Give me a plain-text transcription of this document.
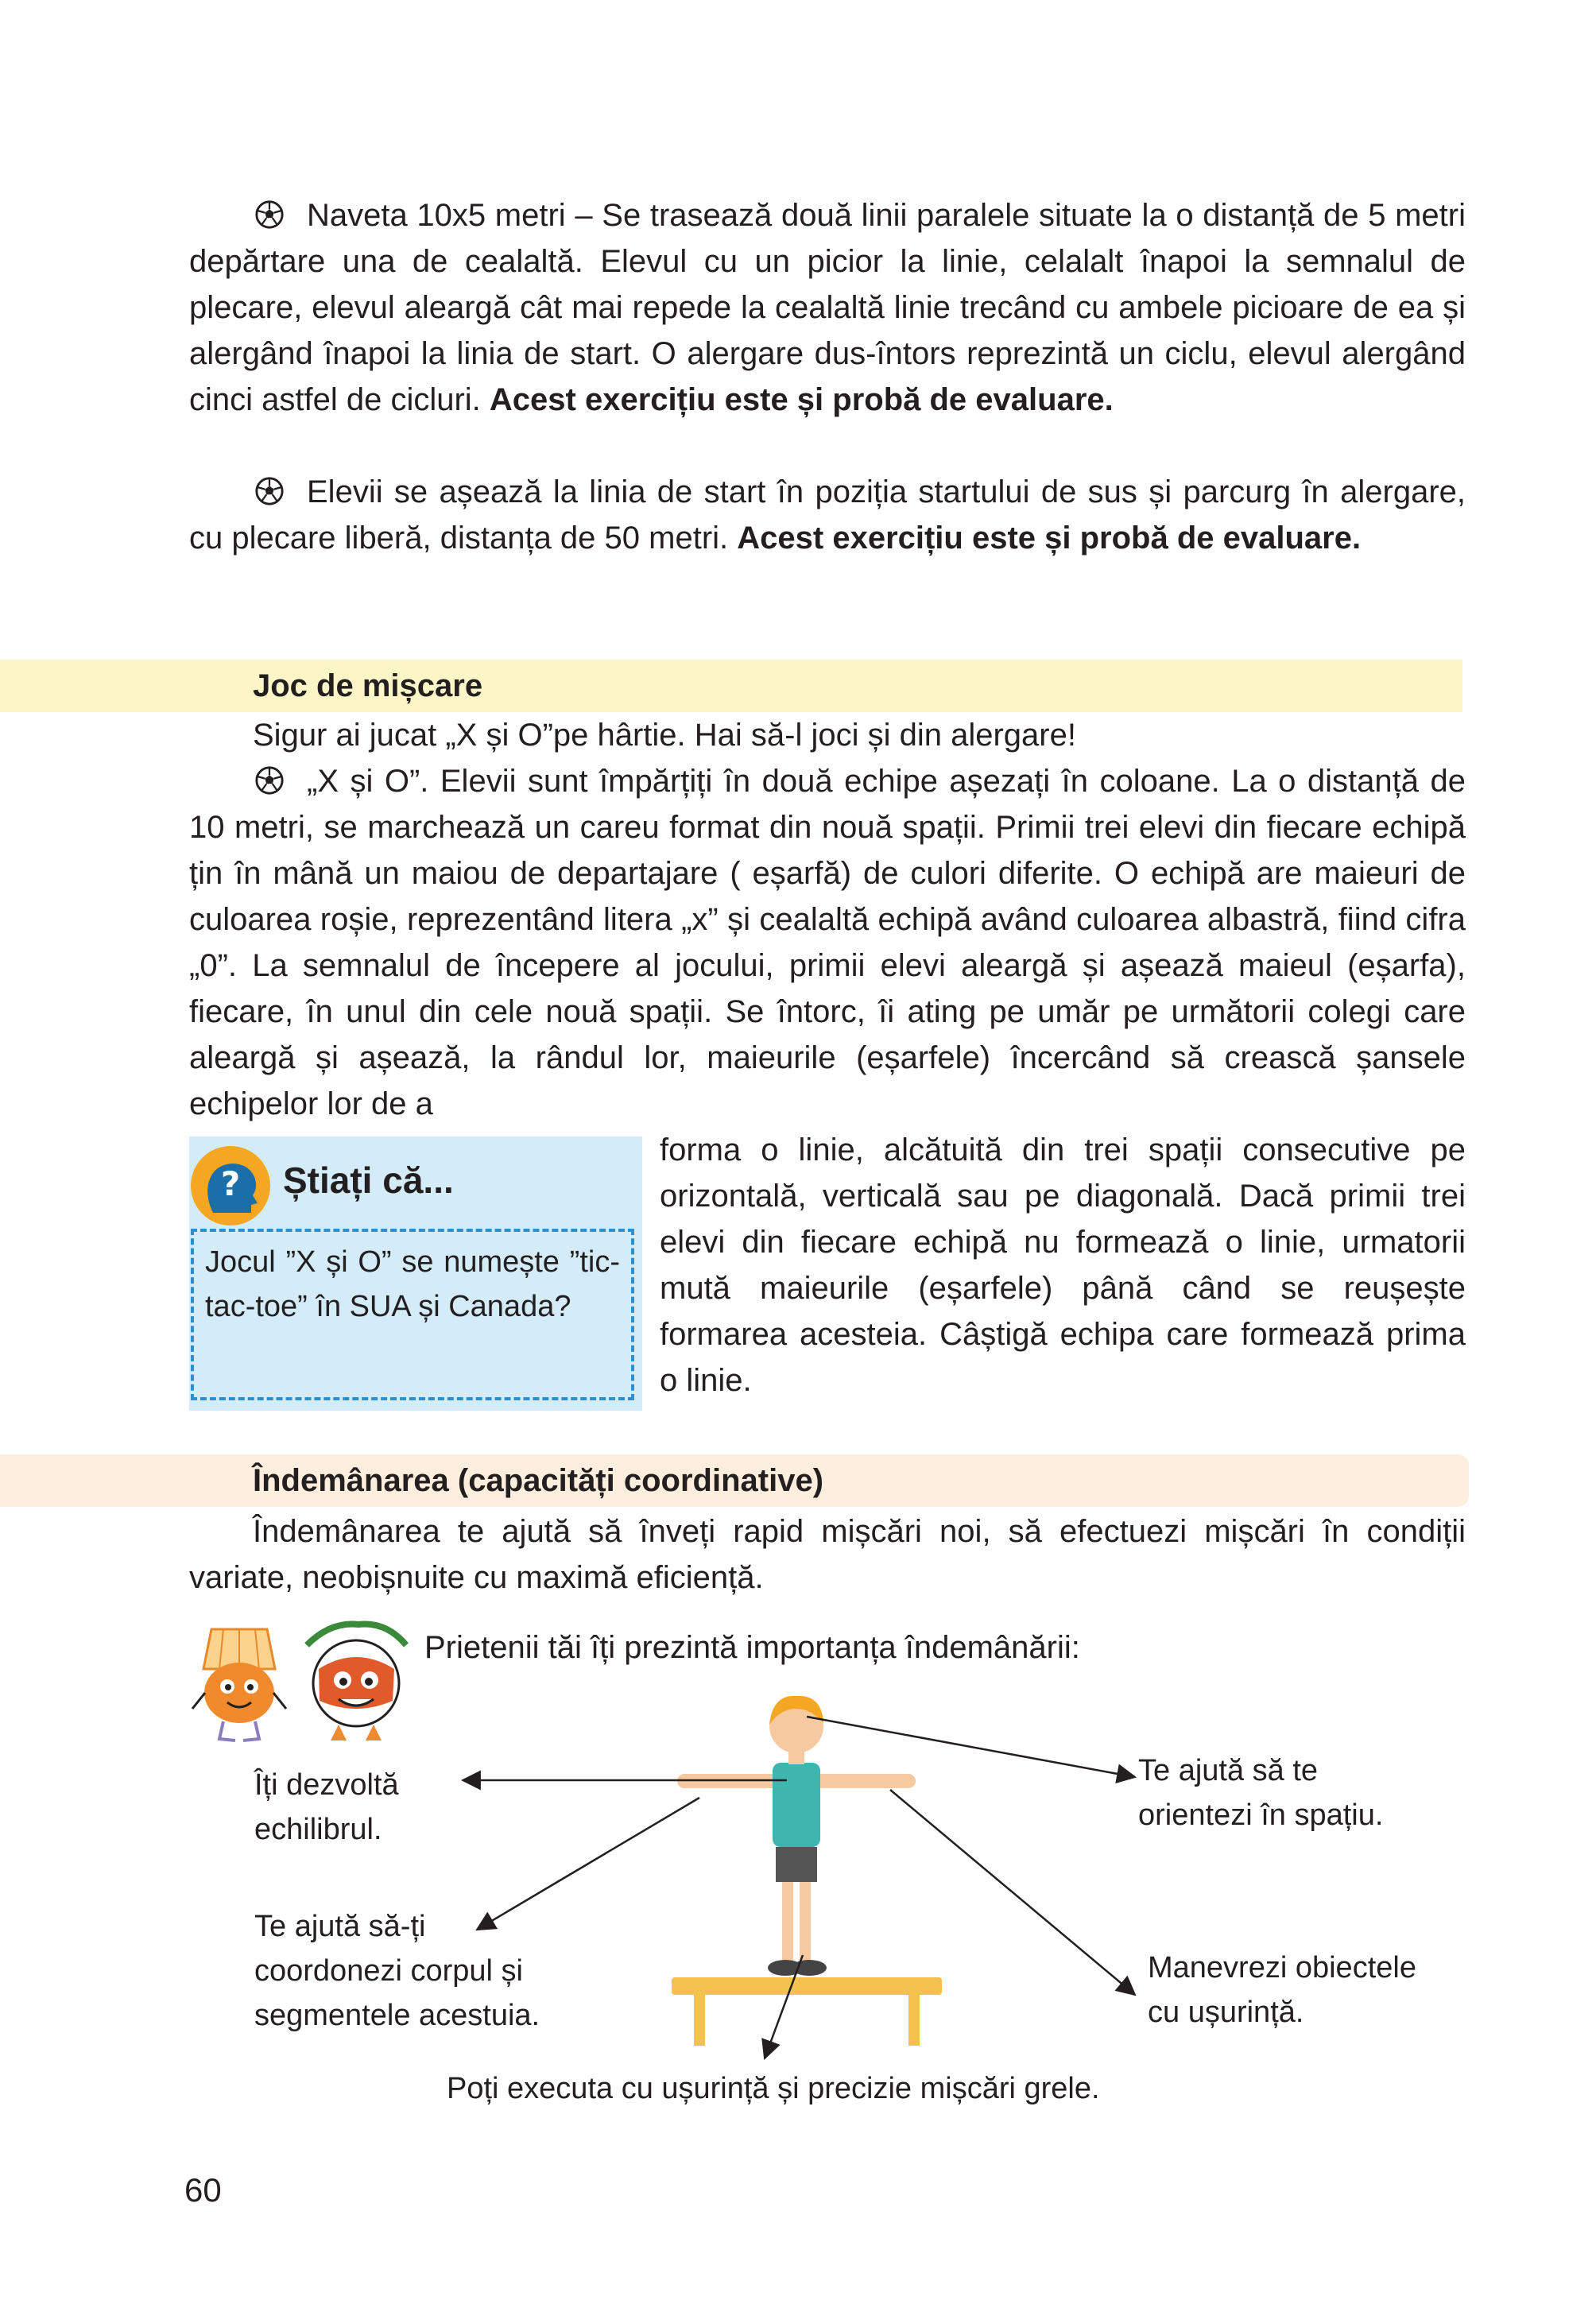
Naveta 10x5 metri – Se trasează două linii paralele situate la o distanță de 5 metri depărtare una de cealaltă. Elevul cu un picior la linie, celalalt înapoi la semnalul de plecare, elevul aleargă cât mai repede la cealaltă linie trecând cu ambele picioare de ea și alergând înapoi la linia de start. O alergare dus-întors reprezintă un ciclu, elevul alergând cinci astfel de cicluri. Acest exercițiu este și probă de evaluare.

Elevii se așează la linia de start în poziția startului de sus și parcurg în alergare, cu plecare liberă, distanța de 50 metri. Acest exercițiu este și probă de evaluare.

Joc de mișcare

Sigur ai jucat „X și O”pe hârtie. Hai să-l joci și din alergare!

„X și O”. Elevii sunt împărțiți în două echipe așezați în coloane. La o distanță de 10 metri, se marchează un careu format din nouă spații. Primii trei elevi din fiecare echipă țin în mână un maiou de departajare ( eșarfă) de culori diferite. O echipă are maieuri de culoarea roșie, reprezentând litera „x” și cealaltă echipă având culoarea albastră, fiind cifra „0”. La semnalul de începere al jocului, primii elevi aleargă și așează maieul (eșarfa), fiecare, în unul din cele nouă spații. Se întorc, îi ating pe umăr pe următorii colegi care aleargă și așează, la rândul lor, maieurile (eșarfele) încercând să crească șansele echipelor lor de a

forma o linie, alcătuită din trei spații consecutive pe orizontală, verticală sau pe diagonală. Dacă primii trei elevi din fiecare echipă nu formează o linie, urmatorii mută maieurile (eșarfele) până când se reușește formarea acesteia. Câștigă echipa care formează prima o linie.

? Știați că...
Jocul ”X și O” se numește ”tic-tac-toe” în SUA și Canada?

Îndemânarea (capacități coordinative)

Îndemânarea te ajută să înveți rapid mișcări noi, să efectuezi mișcări în condiții variate, neobișnuite cu maximă eficiență.

Prietenii tăi îți prezintă importanța îndemânării:

Îți dezvoltă echilibrul.

Te ajută să te orientezi în spațiu.

Te ajută să-ți coordonezi corpul și segmentele acestuia.

Manevrezi obiectele cu ușurință.

Poți executa cu ușurință și precizie mișcări grele.

60
